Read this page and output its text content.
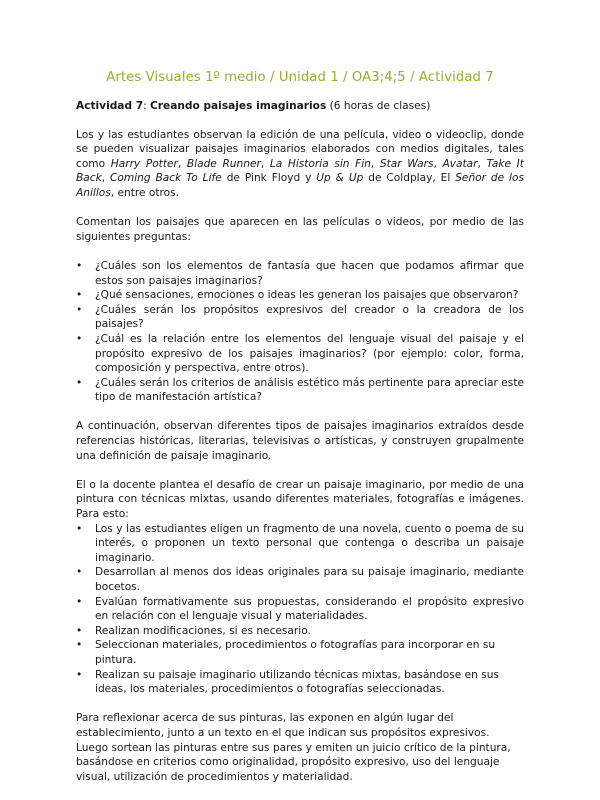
Artes Visuales 1º medio / Unidad 1 / OA3;4;5 / Actividad 7
Actividad 7: Creando paisajes imaginarios (6 horas de clases)

Los y las estudiantes observan la edición de una película, video o videoclip, donde se pueden visualizar paisajes imaginarios elaborados con medios digitales, tales como Harry Potter, Blade Runner, La Historia sin Fin, Star Wars, Avatar, Take It Back, Coming Back To Life de Pink Floyd y Up & Up de Coldplay, El Señor de los Anillos, entre otros.

Comentan los paisajes que aparecen en las películas o videos, por medio de las siguientes preguntas:

• ¿Cuáles son los elementos de fantasía que hacen que podamos afirmar que estos son paisajes imaginarios?
• ¿Qué sensaciones, emociones o ideas les generan los paisajes que observaron?
• ¿Cuáles serán los propósitos expresivos del creador o la creadora de los paisajes?
• ¿Cuál es la relación entre los elementos del lenguaje visual del paisaje y el propósito expresivo de los paisajes imaginarios? (por ejemplo: color, forma, composición y perspectiva, entre otros).
• ¿Cuáles serán los criterios de análisis estético más pertinente para apreciar este tipo de manifestación artística?

A continuación, observan diferentes tipos de paisajes imaginarios extraídos desde referencias históricas, literarias, televisivas o artísticas, y construyen grupalmente una definición de paisaje imaginario.

El o la docente plantea el desafío de crear un paisaje imaginario, por medio de una pintura con técnicas mixtas, usando diferentes materiales, fotografías e imágenes. Para esto:

• Los y las estudiantes eligen un fragmento de una novela, cuento o poema de su interés, o proponen un texto personal que contenga o describa un paisaje imaginario.
• Desarrollan al menos dos ideas originales para su paisaje imaginario, mediante bocetos.
• Evalúan formativamente sus propuestas, considerando el propósito expresivo en relación con el lenguaje visual y materialidades.
• Realizan modificaciones, si es necesario.
• Seleccionan materiales, procedimientos o fotografías para incorporar en su pintura.
• Realizan su paisaje imaginario utilizando técnicas mixtas, basándose en sus ideas, los materiales, procedimientos o fotografías seleccionadas.

Para reflexionar acerca de sus pinturas, las exponen en algún lugar del establecimiento, junto a un texto en el que indican sus propósitos expresivos. Luego sortean las pinturas entre sus pares y emiten un juicio crítico de la pintura, basándose en criterios como originalidad, propósito expresivo, uso del lenguaje visual, utilización de procedimientos y materialidad.
